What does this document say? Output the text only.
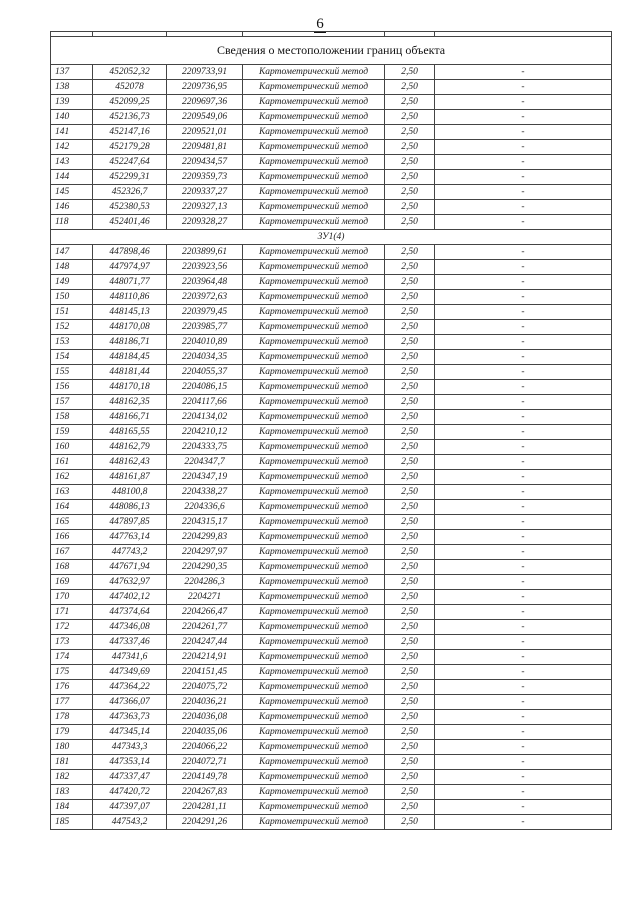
6

Сведения о местоположении границ объекта					
137	452052,32	2209733,91	Картометрический метод	2,50	-
138	452078	2209736,95	Картометрический метод	2,50	-
139	452099,25	2209697,36	Картометрический метод	2,50	-
140	452136,73	2209549,06	Картометрический метод	2,50	-
141	452147,16	2209521,01	Картометрический метод	2,50	-
142	452179,28	2209481,81	Картометрический метод	2,50	-
143	452247,64	2209434,57	Картометрический метод	2,50	-
144	452299,31	2209359,73	Картометрический метод	2,50	-
145	452326,7	2209337,27	Картометрический метод	2,50	-
146	452380,53	2209327,13	Картометрический метод	2,50	-
118	452401,46	2209328,27	Картометрический метод	2,50	-
ЗУ1(4)					
147	447898,46	2203899,61	Картометрический метод	2,50	-
148	447974,97	2203923,56	Картометрический метод	2,50	-
149	448071,77	2203964,48	Картометрический метод	2,50	-
150	448110,86	2203972,63	Картометрический метод	2,50	-
151	448145,13	2203979,45	Картометрический метод	2,50	-
152	448170,08	2203985,77	Картометрический метод	2,50	-
153	448186,71	2204010,89	Картометрический метод	2,50	-
154	448184,45	2204034,35	Картометрический метод	2,50	-
155	448181,44	2204055,37	Картометрический метод	2,50	-
156	448170,18	2204086,15	Картометрический метод	2,50	-
157	448162,35	2204117,66	Картометрический метод	2,50	-
158	448166,71	2204134,02	Картометрический метод	2,50	-
159	448165,55	2204210,12	Картометрический метод	2,50	-
160	448162,79	2204333,75	Картометрический метод	2,50	-
161	448162,43	2204347,7	Картометрический метод	2,50	-
162	448161,87	2204347,19	Картометрический метод	2,50	-
163	448100,8	2204338,27	Картометрический метод	2,50	-
164	448086,13	2204336,6	Картометрический метод	2,50	-
165	447897,85	2204315,17	Картометрический метод	2,50	-
166	447763,14	2204299,83	Картометрический метод	2,50	-
167	447743,2	2204297,97	Картометрический метод	2,50	-
168	447671,94	2204290,35	Картометрический метод	2,50	-
169	447632,97	2204286,3	Картометрический метод	2,50	-
170	447402,12	2204271	Картометрический метод	2,50	-
171	447374,64	2204266,47	Картометрический метод	2,50	-
172	447346,08	2204261,77	Картометрический метод	2,50	-
173	447337,46	2204247,44	Картометрический метод	2,50	-
174	447341,6	2204214,91	Картометрический метод	2,50	-
175	447349,69	2204151,45	Картометрический метод	2,50	-
176	447364,22	2204075,72	Картометрический метод	2,50	-
177	447366,07	2204036,21	Картометрический метод	2,50	-
178	447363,73	2204036,08	Картометрический метод	2,50	-
179	447345,14	2204035,06	Картометрический метод	2,50	-
180	447343,3	2204066,22	Картометрический метод	2,50	-
181	447353,14	2204072,71	Картометрический метод	2,50	-
182	447337,47	2204149,78	Картометрический метод	2,50	-
183	447420,72	2204267,83	Картометрический метод	2,50	-
184	447397,07	2204281,11	Картометрический метод	2,50	-
185	447543,2	2204291,26	Картометрический метод	2,50	-
